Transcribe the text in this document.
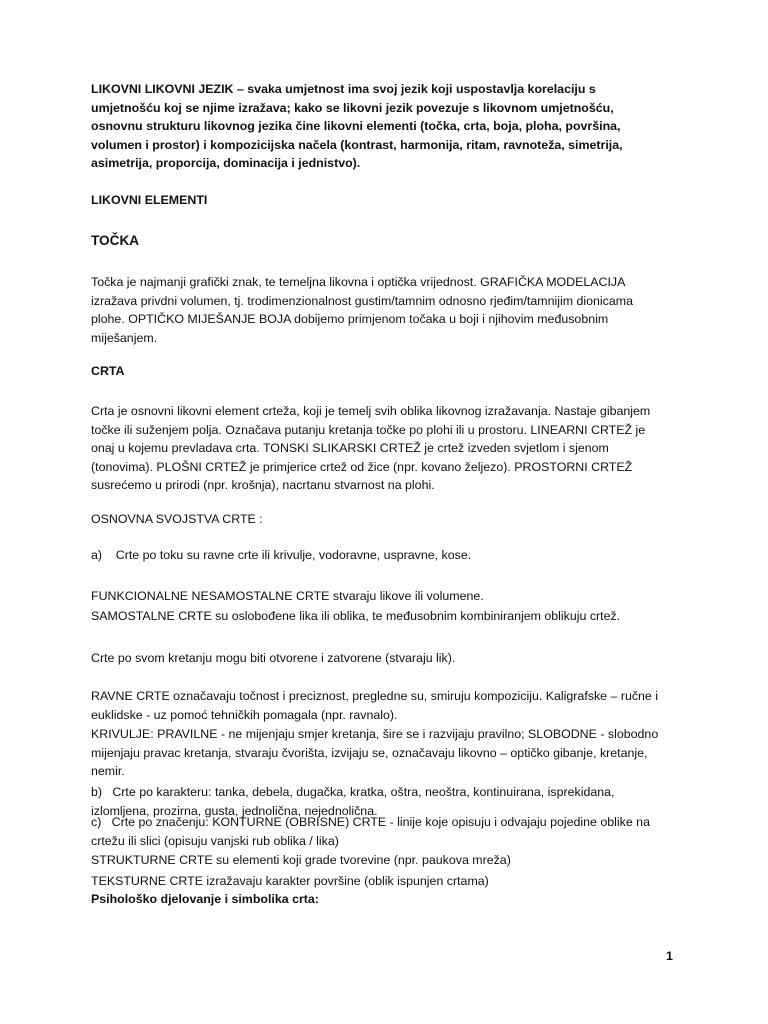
LIKOVNI LIKOVNI JEZIK – svaka umjetnost ima svoj jezik koji uspostavlja korelaciju s umjetnošću koj se njime izražava; kako se likovni jezik povezuje s likovnom umjetnošću, osnovnu strukturu likovnog jezika čine likovni elementi (točka, crta, boja, ploha, površina, volumen i prostor) i kompozicijska načela (kontrast, harmonija, ritam, ravnoteža, simetrija, asimetrija, proporcija, dominacija i jednistvo).

LIKOVNI ELEMENTI

TOČKA

Točka je najmanji grafički znak, te temeljna likovna i optička vrijednost. GRAFIČKA MODELACIJA izražava privdni volumen, tj. trodimenzionalnost gustim/tamnim odnosno rjeđim/tamnijim dionicama plohe. OPTIČKO MIJEŠANJE BOJA dobijemo primjenom točaka u boji i njihovim međusobnim miješanjem.

CRTA

Crta je osnovni likovni element crteža, koji je temelj svih oblika likovnog izražavanja. Nastaje gibanjem točke ili suženjem polja. Označava putanju kretanja točke po plohi ili u prostoru. LINEARNI CRTEŽ je onaj u kojemu prevladava crta. TONSKI SLIKARSKI CRTEŽ je crtež izveden svjetlom i sjenom (tonovima). PLOŠNI CRTEŽ je primjerice crtež od žice (npr. kovano željezo). PROSTORNI CRTEŽ susrećemo u prirodi (npr. krošnja), nacrtanu stvarnost na plohi.

OSNOVNA SVOJSTVA CRTE :

a)    Crte po toku su ravne crte ili krivulje, vodoravne, uspravne, kose.

FUNKCIONALNE NESAMOSTALNE CRTE stvaraju likove ili volumene.

SAMOSTALNE CRTE su oslobođene lika ili oblika, te međusobnim kombiniranjem oblikuju crtež.

Crte po svom kretanju mogu biti otvorene i zatvorene (stvaraju lik).

RAVNE CRTE označavaju točnost i preciznost, pregledne su, smiruju kompoziciju. Kaligrafske – ručne i euklidske - uz pomoć tehničkih pomagala (npr. ravnalo).

KRIVULJE: PRAVILNE - ne mijenjaju smjer kretanja, šire se i razvijaju pravilno; SLOBODNE - slobodno mijenjaju pravac kretanja, stvaraju čvorišta, izvijaju se, označavaju likovno – optičko gibanje, kretanje, nemir.

b)   Crte po karakteru: tanka, debela, dugačka, kratka, oštra, neoštra, kontinuirana, isprekidana, izlomljena, prozirna, gusta, jednolična, nejednolična.

c)   Crte po značenju: KONTURNE (OBRISNE) CRTE - linije koje opisuju i odvajaju pojedine oblike na crtežu ili slici (opisuju vanjski rub oblika / lika)

STRUKTURNE CRTE su elementi koji grade tvorevine (npr. paukova mreža)

TEKSTURNE CRTE izražavaju karakter površine (oblik ispunjen crtama)

Psihološko djelovanje i simbolika crta:

1
